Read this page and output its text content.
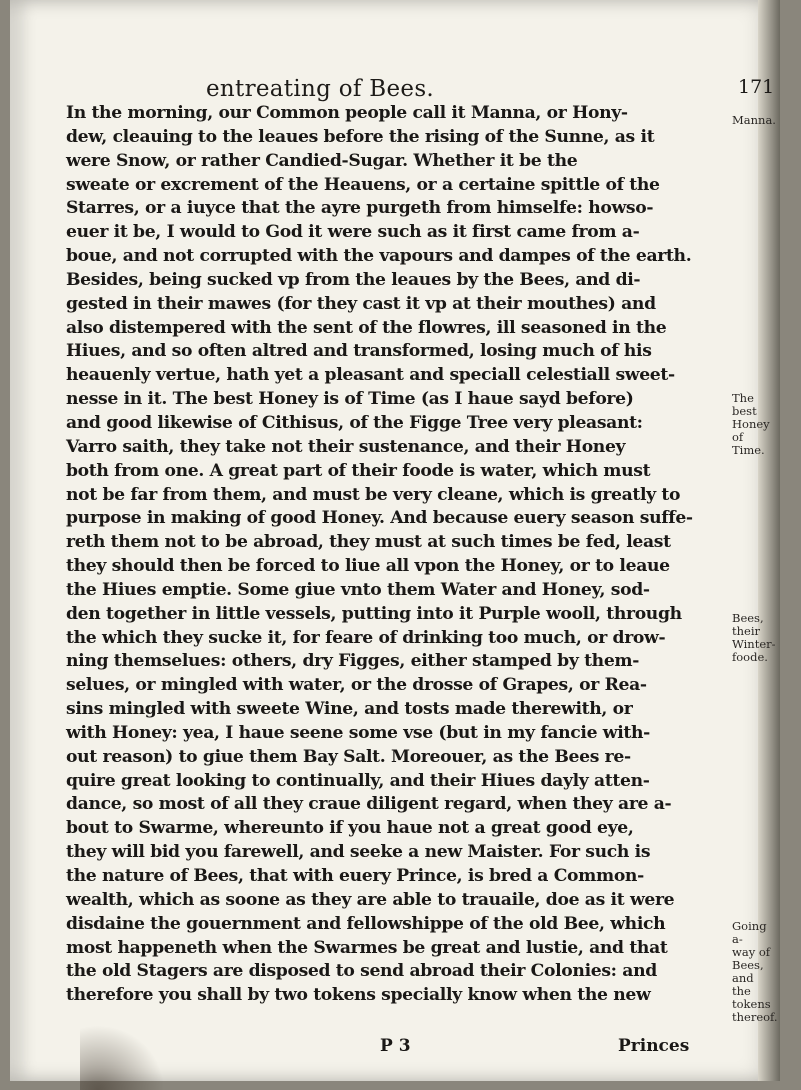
entreating of Bees.	171
In the morning, our Common people call it Manna, or Hony-
dew, cleauing to the leaues before the rising of the Sunne, as it
were Snow, or rather Candied-Sugar. Whether it be the
sweate or excrement of the Heauens, or a certaine spittle of the
Starres, or a iuyce that the ayre purgeth from himselfe: howso-
euer it be, I would to God it were such as it first came from a-
boue, and not corrupted with the vapours and dampes of the earth.
Besides, being sucked vp from the leaues by the Bees, and di-
gested in their mawes (for they cast it vp at their mouthes) and
also distempered with the sent of the flowres, ill seasoned in the
Hiues, and so often altred and transformed, losing much of his
heauenly vertue, hath yet a pleasant and speciall celestiall sweet-
nesse in it. The best Honey is of Time (as I haue sayd before)
and good likewise of Cithisus, of the Figge Tree very pleasant:
Varro saith, they take not their sustenance, and their Honey
both from one. A great part of their foode is water, which must
not be far from them, and must be very cleane, which is greatly to
purpose in making of good Honey. And because euery season suffe-
reth them not to be abroad, they must at such times be fed, least
they should then be forced to liue all vpon the Honey, or to leaue
the Hiues emptie. Some giue vnto them Water and Honey, sod-
den together in little vessels, putting into it Purple wooll, through
the which they sucke it, for feare of drinking too much, or drow-
ning themselues: others, dry Figges, either stamped by them-
selues, or mingled with water, or the drosse of Grapes, or Rea-
sins mingled with sweete Wine, and tosts made therewith, or
with Honey: yea, I haue seene some vse (but in my fancie with-
out reason) to giue them Bay Salt. Moreouer, as the Bees re-
quire great looking to continually, and their Hiues dayly atten-
dance, so most of all they craue diligent regard, when they are a-
bout to Swarme, whereunto if you haue not a great good eye,
they will bid you farewell, and seeke a new Maister. For such is
the nature of Bees, that with euery Prince, is bred a Common-
wealth, which as soone as they are able to trauaile, doe as it were
disdaine the gouernment and fellowshippe of the old Bee, which
most happeneth when the Swarmes be great and lustie, and that
the old Stagers are disposed to send abroad their Colonies: and
therefore you shall by two tokens specially know when the new
Manna.
The best
Honey of
Time.
Bees, their
Winter-
foode.
Going a-
way of
Bees, and
the tokens
thereof.
P 3	Princes
